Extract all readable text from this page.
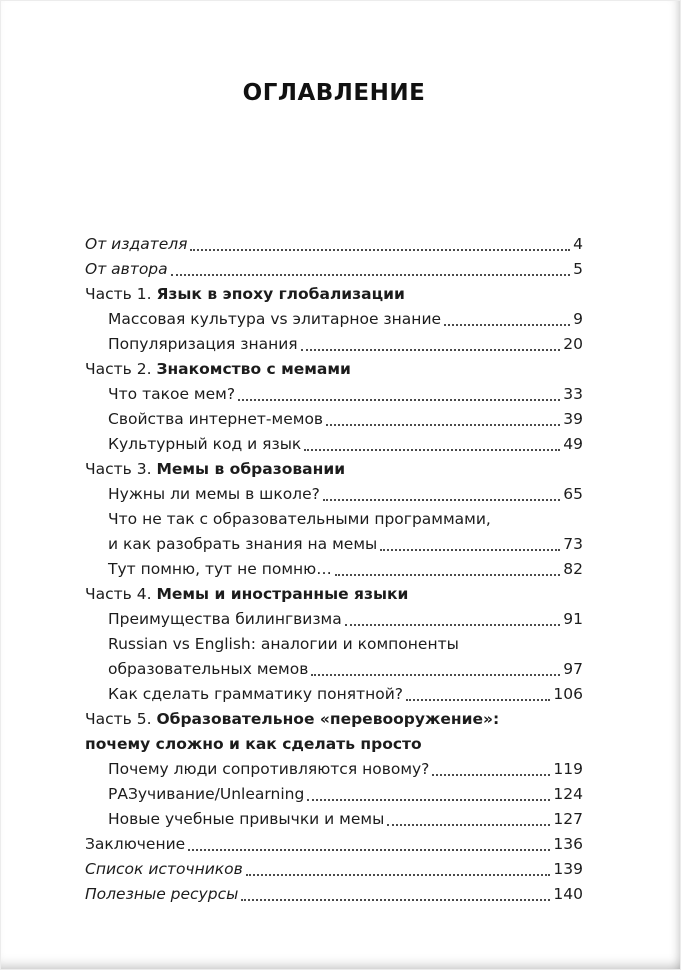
ОГЛАВЛЕНИЕ
От издателя	4
От автора	5
Часть 1. Язык в эпоху глобализации
Массовая культура vs элитарное знание	9
Популяризация знания	20
Часть 2. Знакомство с мемами
Что такое мем?	33
Свойства интернет-мемов	39
Культурный код и язык	49
Часть 3. Мемы в образовании
Нужны ли мемы в школе?	65
Что не так с образовательными программами,
и как разобрать знания на мемы	73
Тут помню, тут не помню…	82
Часть 4. Мемы и иностранные языки
Преимущества билингвизма	91
Russian vs English: аналогии и компоненты
образовательных мемов	97
Как сделать грамматику понятной?	106
Часть 5. Образовательное «перевооружение»:
почему сложно и как сделать просто
Почему люди сопротивляются новому?	119
РАЗучивание/Unlearning	124
Новые учебные привычки и мемы	127
Заключение	136
Список источников	139
Полезные ресурсы	140
